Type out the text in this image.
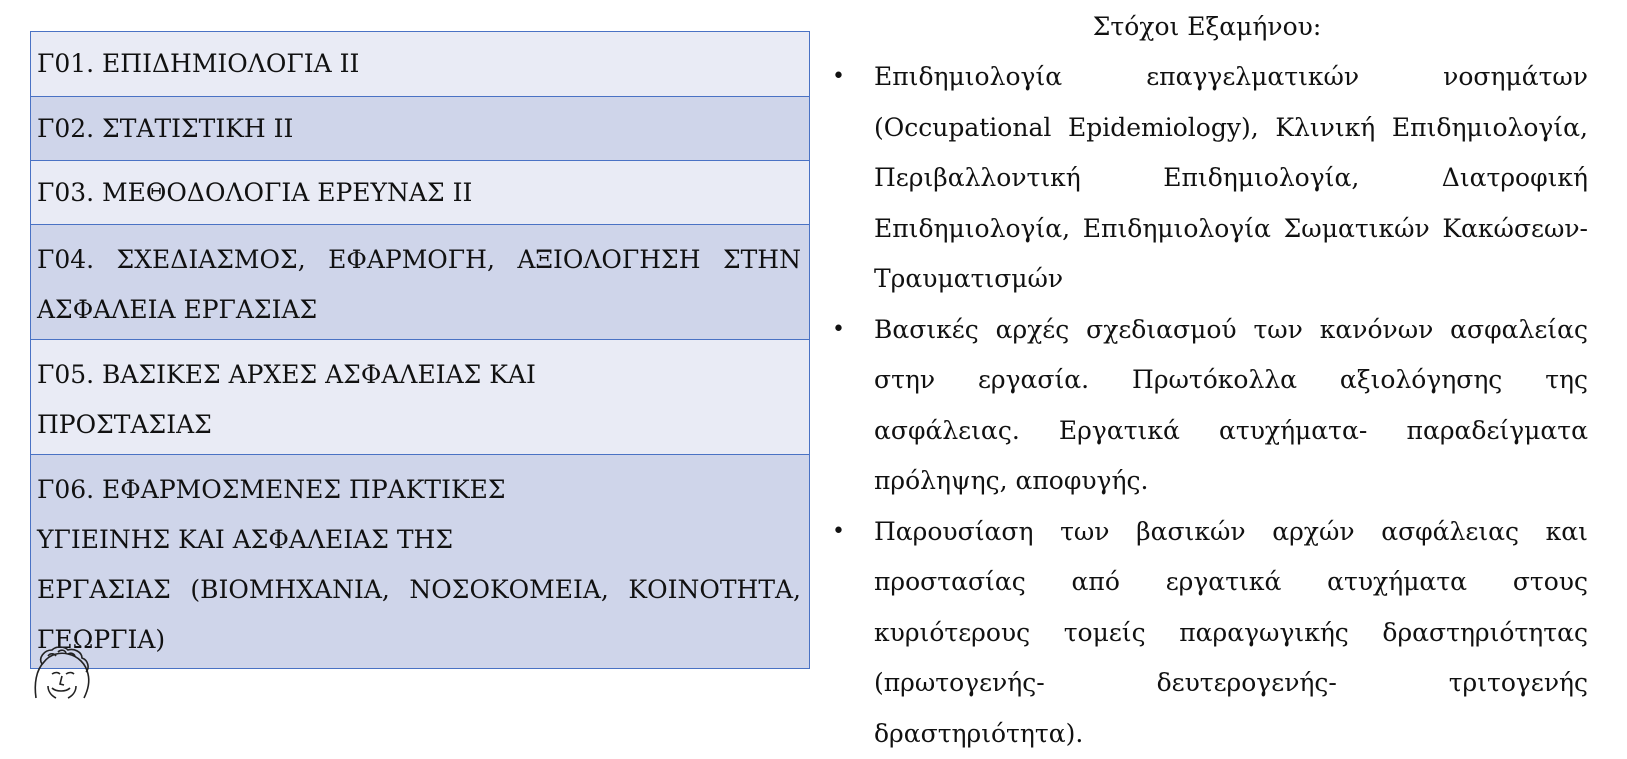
Γ01. ΕΠΙΔΗΜΙΟΛΟΓΙΑ ΙΙ
Γ02. ΣΤΑΤΙΣΤΙΚΗ ΙΙ
Γ03. ΜΕΘΟΔΟΛΟΓΙΑ ΕΡΕΥΝΑΣ ΙΙ
Γ04. ΣΧΕΔΙΑΣΜΟΣ, ΕΦΑΡΜΟΓΗ, ΑΞΙΟΛΟΓΗΣΗ ΣΤΗΝ
ΑΣΦΑΛΕΙΑ ΕΡΓΑΣΙΑΣ
Γ05. ΒΑΣΙΚΕΣ ΑΡΧΕΣ ΑΣΦΑΛΕΙΑΣ ΚΑΙ
ΠΡΟΣΤΑΣΙΑΣ
Γ06. ΕΦΑΡΜΟΣΜΕΝΕΣ ΠΡΑΚΤΙΚΕΣ
ΥΓΙΕΙΝΗΣ ΚΑΙ ΑΣΦΑΛΕΙΑΣ ΤΗΣ
ΕΡΓΑΣΙΑΣ (ΒΙΟΜΗΧΑΝΙΑ, ΝΟΣΟΚΟΜΕΙΑ, ΚΟΙΝΟΤΗΤΑ,
ΓΕΩΡΓΙΑ)

Στόχοι Εξαμήνου:

• Επιδημιολογία επαγγελματικών νοσημάτων (Occupational Epidemiology), Κλινική Επιδημιολογία, Περιβαλλοντική Επιδημιολογία, Διατροφική Επιδημιολογία, Επιδημιολογία Σωματικών Κακώσεων- Τραυματισμών
• Βασικές αρχές σχεδιασμού των κανόνων ασφαλείας στην εργασία. Πρωτόκολλα αξιολόγησης της ασφάλειας. Εργατικά ατυχήματα- παραδείγματα πρόληψης, αποφυγής.
• Παρουσίαση των βασικών αρχών ασφάλειας και προστασίας από εργατικά ατυχήματα στους κυριότερους τομείς παραγωγικής δραστηριότητας (πρωτογενής- δευτερογενής- τριτογενής δραστηριότητα).
